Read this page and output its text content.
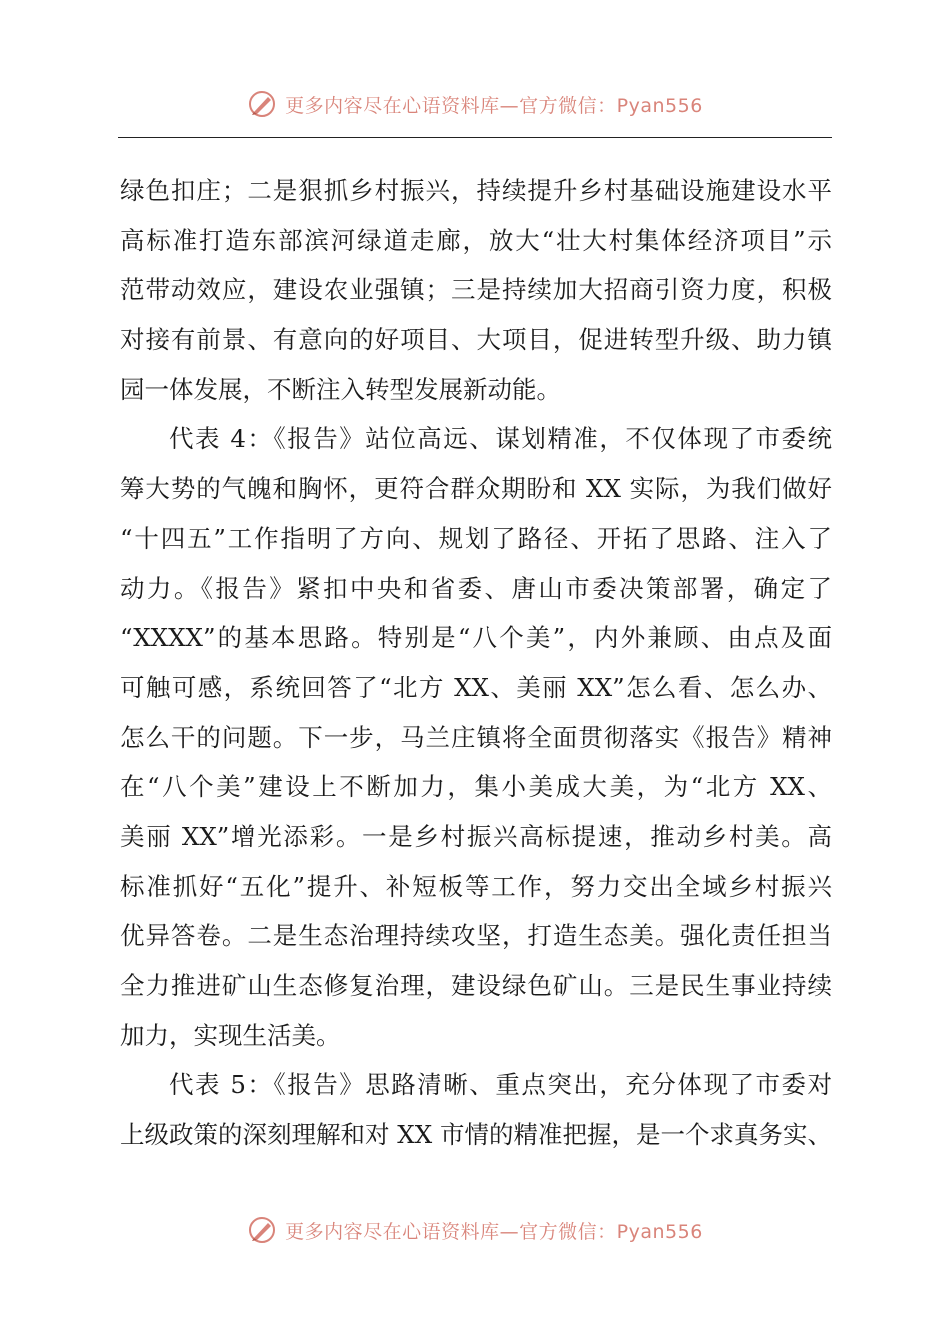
更多内容尽在心语资料库—官方微信：Pyan556
绿色扣庄；二是狠抓乡村振兴，持续提升乡村基础设施建设水平
高标准打造东部滨河绿道走廊，放大“壮大村集体经济项目”示
范带动效应，建设农业强镇；三是持续加大招商引资力度，积极
对接有前景、有意向的好项目、大项目，促进转型升级、助力镇
园一体发展，不断注入转型发展新动能。
代表 4：《报告》站位高远、谋划精准，不仅体现了市委统
筹大势的气魄和胸怀，更符合群众期盼和 XX 实际，为我们做好
“十四五”工作指明了方向、规划了路径、开拓了思路、注入了
动力。《报告》紧扣中央和省委、唐山市委决策部署，确定了
“XXXX”的基本思路。特别是“八个美”，内外兼顾、由点及面
可触可感，系统回答了“北方 XX、美丽 XX”怎么看、怎么办、
怎么干的问题。下一步，马兰庄镇将全面贯彻落实《报告》精神
在“八个美”建设上不断加力，集小美成大美，为“北方 XX、
美丽 XX”增光添彩。一是乡村振兴高标提速，推动乡村美。高
标准抓好“五化”提升、补短板等工作，努力交出全域乡村振兴
优异答卷。二是生态治理持续攻坚，打造生态美。强化责任担当
全力推进矿山生态修复治理，建设绿色矿山。三是民生事业持续
加力，实现生活美。
代表 5：《报告》思路清晰、重点突出，充分体现了市委对
上级政策的深刻理解和对 XX 市情的精准把握，是一个求真务实、
更多内容尽在心语资料库—官方微信：Pyan556
